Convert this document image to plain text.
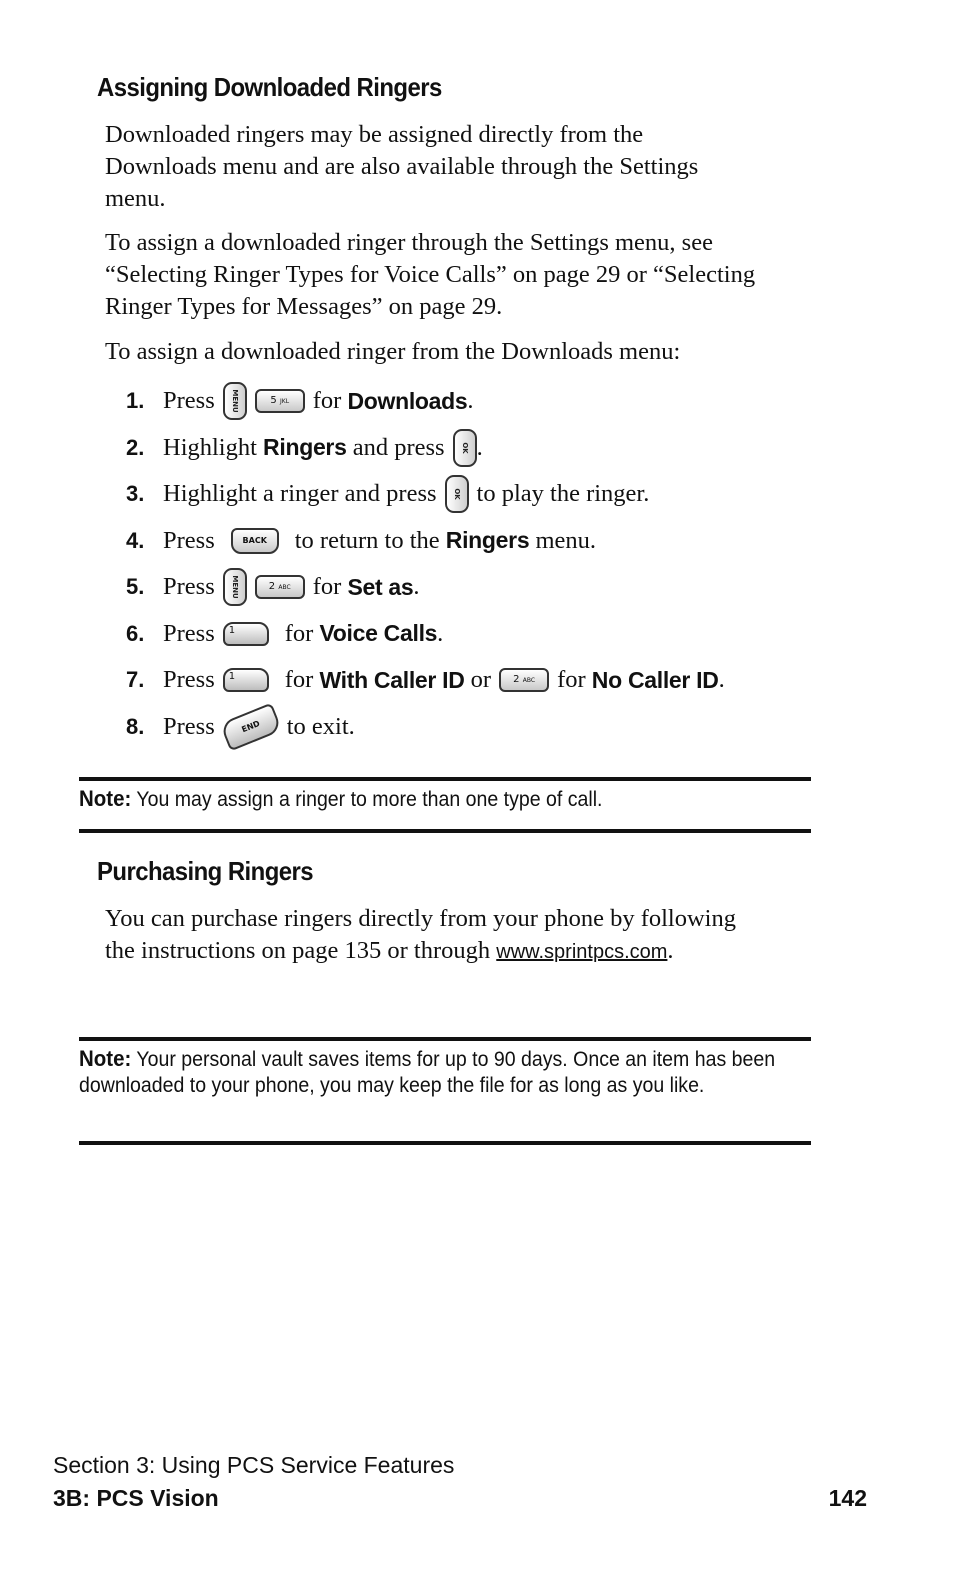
Assigning Downloaded Ringers

Downloaded ringers may be assigned directly from the Downloads menu and are also available through the Settings menu.

To assign a downloaded ringer through the Settings menu, see “Selecting Ringer Types for Voice Calls” on page 29 or “Selecting Ringer Types for Messages” on page 29.

To assign a downloaded ringer from the Downloads menu:

1. Press MENU	5 JKL for
Downloads .
2. Highlight
Ringers
and press OK .
3. Highlight a ringer and press OK to play the ringer.
4. Press	BACK	to return to the
Ringers
menu.
5. Press MENU	2 ABC for
Set as .
6. Press	1	for
Voice Calls .
7. Press	1	for
With Caller ID
or	2 ABC for
No Caller ID .
8. Press	END	to exit.

Note: You may assign a ringer to more than one type of call.

Purchasing Ringers

You can purchase ringers directly from your phone by following the instructions on page 135 or through www.sprintpcs.com.

Note: Your personal vault saves items for up to 90 days. Once an item has been downloaded to your phone, you may keep the file for as long as you like.

Section 3: Using PCS Service Features
3B: PCS Vision	142
